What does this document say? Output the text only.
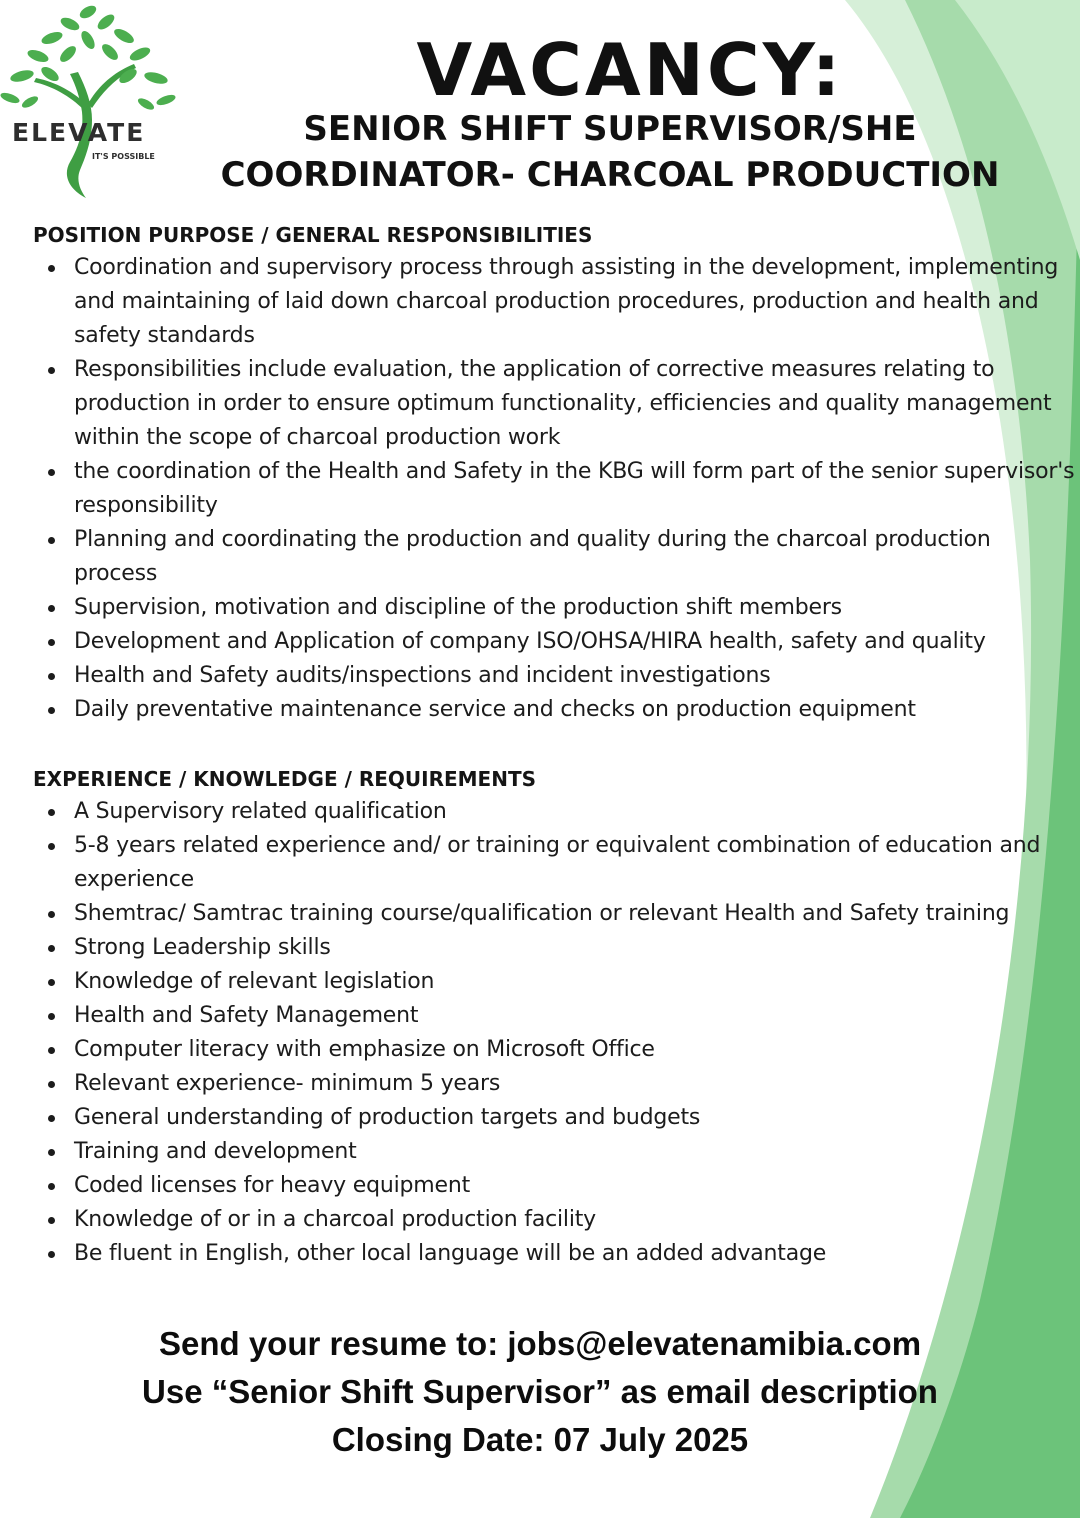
ELEVATE
IT'S POSSIBLE
VACANCY:
SENIOR SHIFT SUPERVISOR/SHE
COORDINATOR- CHARCOAL PRODUCTION
POSITION PURPOSE / GENERAL RESPONSIBILITIES
Coordination and supervisory process through assisting in the development, implementing and maintaining of laid down charcoal production procedures, production and health and safety standards
Responsibilities include evaluation, the application of corrective measures relating to production in order to ensure optimum functionality, efficiencies and quality management within the scope of charcoal production work
the coordination of the Health and Safety in the KBG will form part of the senior supervisor's responsibility
Planning and coordinating the production and quality during the charcoal production process
Supervision, motivation and discipline of the production shift members
Development and Application of company ISO/OHSA/HIRA health, safety and quality
Health and Safety audits/inspections and incident investigations
Daily preventative maintenance service and checks on production equipment
EXPERIENCE / KNOWLEDGE / REQUIREMENTS
A Supervisory related qualification
5-8 years related experience and/ or training or equivalent combination of education and experience
Shemtrac/ Samtrac training course/qualification or relevant Health and Safety training
Strong Leadership skills
Knowledge of relevant legislation
Health and Safety Management
Computer literacy with emphasize on Microsoft Office
Relevant experience- minimum 5 years
General understanding of production targets and budgets
Training and development
Coded licenses for heavy equipment
Knowledge of or in a charcoal production facility
Be fluent in English, other local language will be an added advantage
Send your resume to: jobs@elevatenamibia.com
Use “Senior Shift Supervisor” as email description
Closing Date: 07 July 2025
